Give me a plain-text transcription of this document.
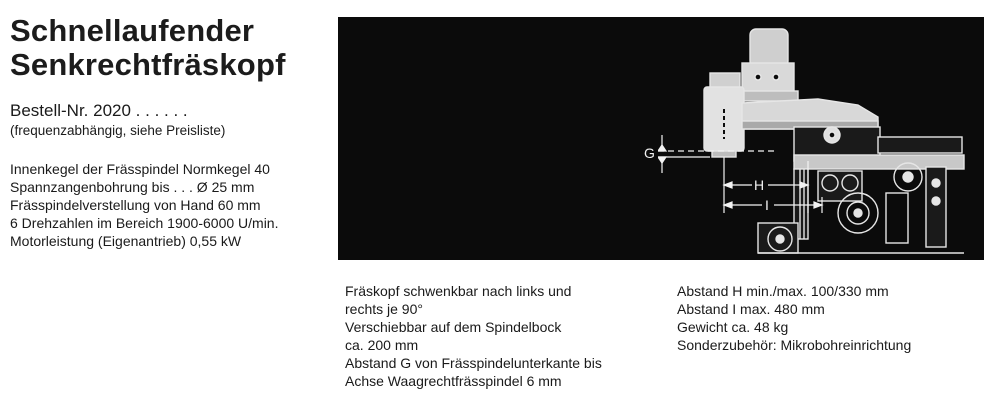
Schnellaufender
Senkrechtfräskopf
Bestell-Nr. 2020 . . . . . .
(frequenzabhängig, siehe Preisliste)
Innenkegel der Frässpindel Normkegel 40
Spannzangenbohrung bis . . . Ø 25 mm
Frässpindelverstellung von Hand 60 mm
6 Drehzahlen im Bereich 1900-6000 U/min.
Motorleistung (Eigenantrieb) 0,55 kW
G
H
I
Fräskopf schwenkbar nach links und
rechts je 90°
Verschiebbar auf dem Spindelbock
ca. 200 mm
Abstand G von Frässpindelunterkante bis
Achse Waagrechtfrässpindel 6 mm
Abstand H min./max. 100/330 mm
Abstand I max. 480 mm
Gewicht ca. 48 kg
Sonderzubehör: Mikrobohreinrichtung
